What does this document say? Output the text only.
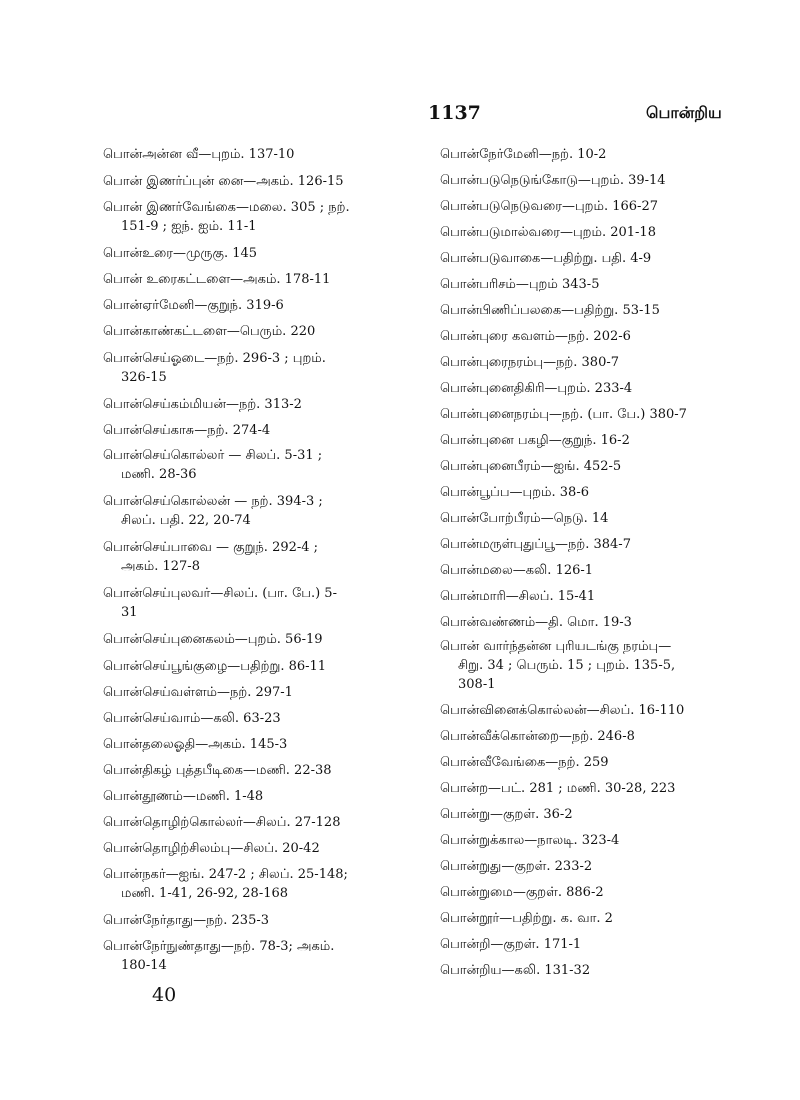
1137	பொன்றிய
பொன்அன்ன வீ—புறம். 137-10
பொன் இணர்ப்புன் னை—அகம். 126-15
பொன் இணர்வேங்கை—மலை. 305 ; நற்.
151-9 ; ஐந். ஐம். 11-1
பொன்உரை—முருகு. 145
பொன் உரைகட்டளை—அகம். 178-11
பொன்ஏர்மேனி—குறுந். 319-6
பொன்காண்கட்டளை—பெரும். 220
பொன்செய்ஓடை—நற். 296-3 ; புறம்.
326-15
பொன்செய்கம்மியன்—நற். 313-2
பொன்செய்காசு—நற். 274-4
பொன்செய்கொல்லர் — சிலப். 5-31 ;
மணி. 28-36
பொன்செய்கொல்லன் — நற். 394-3 ;
சிலப். பதி. 22, 20-74
பொன்செய்பாவை — குறுந். 292-4 ;
அகம். 127-8
பொன்செய்புலவர்—சிலப். (பா. பே.) 5-
31
பொன்செய்புனைகலம்—புறம். 56-19
பொன்செய்பூங்குழை—பதிற்று. 86-11
பொன்செய்வள்ளம்—நற். 297-1
பொன்செய்வாம்—கலி. 63-23
பொன்தலைஓதி—அகம். 145-3
பொன்திகழ் புத்தபீடிகை—மணி. 22-38
பொன்தூணம்—மணி. 1-48
பொன்தொழிற்கொல்லர்—சிலப். 27-128
பொன்தொழிற்சிலம்பு—சிலப். 20-42
பொன்நகர்—ஐங். 247-2 ; சிலப். 25-148;
மணி. 1-41, 26-92, 28-168
பொன்நேர்தாது—நற். 235-3
பொன்நேர்நுண்தாது—நற். 78-3; அகம்.
180-14
பொன்நேர்மேனி—நற். 10-2
பொன்படுநெடுங்கோடு—புறம். 39-14
பொன்படுநெடுவரை—புறம். 166-27
பொன்படுமால்வரை—புறம். 201-18
பொன்படுவாகை—பதிற்று. பதி. 4-9
பொன்பரிசம்—புறம் 343-5
பொன்பிணிப்பலகை—பதிற்று. 53-15
பொன்புரை கவளம்—நற். 202-6
பொன்புரைநரம்பு—நற். 380-7
பொன்புனைதிகிரி—புறம். 233-4
பொன்புனைநரம்பு—நற். (பா. பே.) 380-7
பொன்புனை பகழி—குறுந். 16-2
பொன்புனைபீரம்—ஐங். 452-5
பொன்பூப்ப—புறம். 38-6
பொன்போற்பீரம்—நெடு. 14
பொன்மருள்புதுப்பூ—நற். 384-7
பொன்மலை—கலி. 126-1
பொன்மாரி—சிலப். 15-41
பொன்வண்ணம்—தி. மொ. 19-3
பொன் வார்ந்தன்ன புரியடங்கு நரம்பு—
சிறு. 34 ; பெரும். 15 ; புறம். 135-5,
308-1
பொன்வினைக்கொல்லன்—சிலப். 16-110
பொன்வீக்கொன்றை—நற். 246-8
பொன்வீவேங்கை—நற். 259
பொன்ற—பட். 281 ; மணி. 30-28, 223
பொன்று—குறள். 36-2
பொன்றுக்கால—நாலடி. 323-4
பொன்றுது—குறள். 233-2
பொன்றுமை—குறள். 886-2
பொன்றூர்—பதிற்று. க. வா. 2
பொன்றி—குறள். 171-1
பொன்றிய—கலி. 131-32
40
